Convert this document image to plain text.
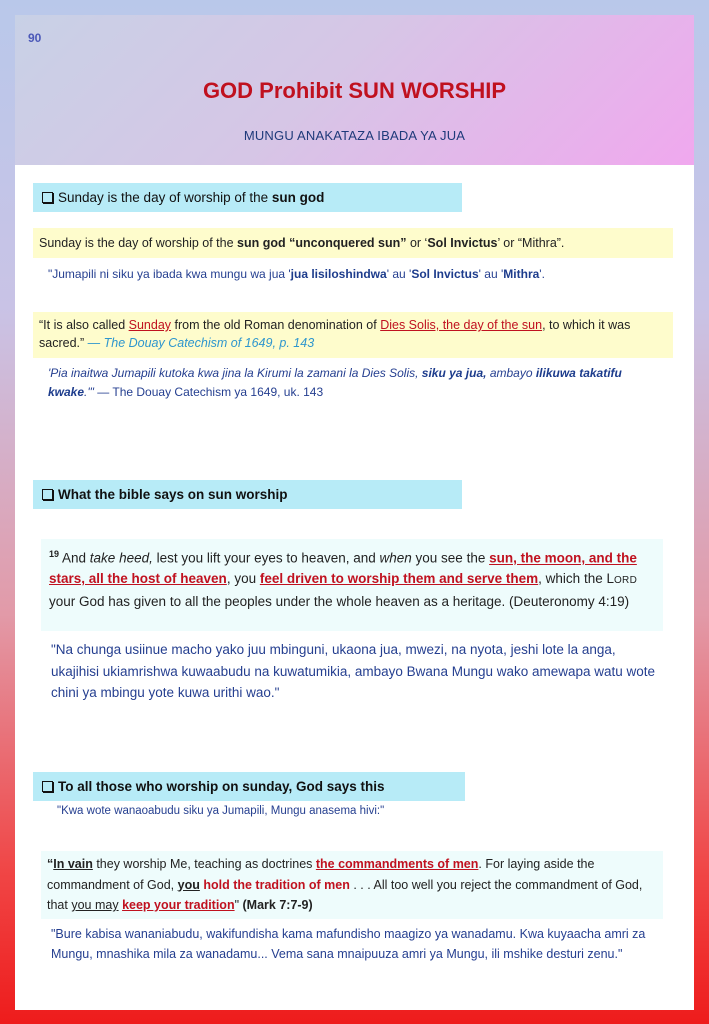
90
GOD Prohibit SUN WORSHIP
MUNGU ANAKATAZA IBADA YA JUA
Sunday is the day of worship of the sun god
Sunday is the day of worship of the sun god “unconquered sun” or ‘Sol Invictus’ or “Mithra”.
"Jumapili ni siku ya ibada kwa mungu wa jua 'jua lisiloshindwa' au 'Sol Invictus' au 'Mithra'.
“It is also called Sunday from the old Roman denomination of Dies Solis, the day of the sun, to which it was sacred.” — The Douay Catechism of 1649, p. 143
'Pia inaitwa Jumapili kutoka kwa jina la Kirumi la zamani la Dies Solis, siku ya jua, ambayo ilikuwa takatifu kwake.'" — The Douay Catechism ya 1649, uk. 143
What the bible says on sun worship
$^{19}$ And take heed, lest you lift your eyes to heaven, and when you see the sun, the moon, and the stars, all the host of heaven, you feel driven to worship them and serve them, which the LORD your God has given to all the peoples under the whole heaven as a heritage. (Deuteronomy 4:19)
"Na chunga usiinue macho yako juu mbinguni, ukaona jua, mwezi, na nyota, jeshi lote la anga, ukajihisi ukiamrishwa kuwaabudu na kuwatumikia, ambayo Bwana Mungu wako amewapa watu wote chini ya mbingu yote kuwa urithi wao."
To all those who worship on sunday, God says this
"Kwa wote wanaoabudu siku ya Jumapili, Mungu anasema hivi:"
“In vain they worship Me, teaching as doctrines the commandments of men. For laying aside the commandment of God, you hold the tradition of men . . . All too well you reject the commandment of God, that you may keep your tradition" (Mark 7:7-9)
"Bure kabisa wananiabudu, wakifundisha kama mafundisho maagizo ya wanadamu. Kwa kuyaacha amri za Mungu, mnashika mila za wanadamu... Vema sana mnaipuuza amri ya Mungu, ili mshike desturi zenu."
